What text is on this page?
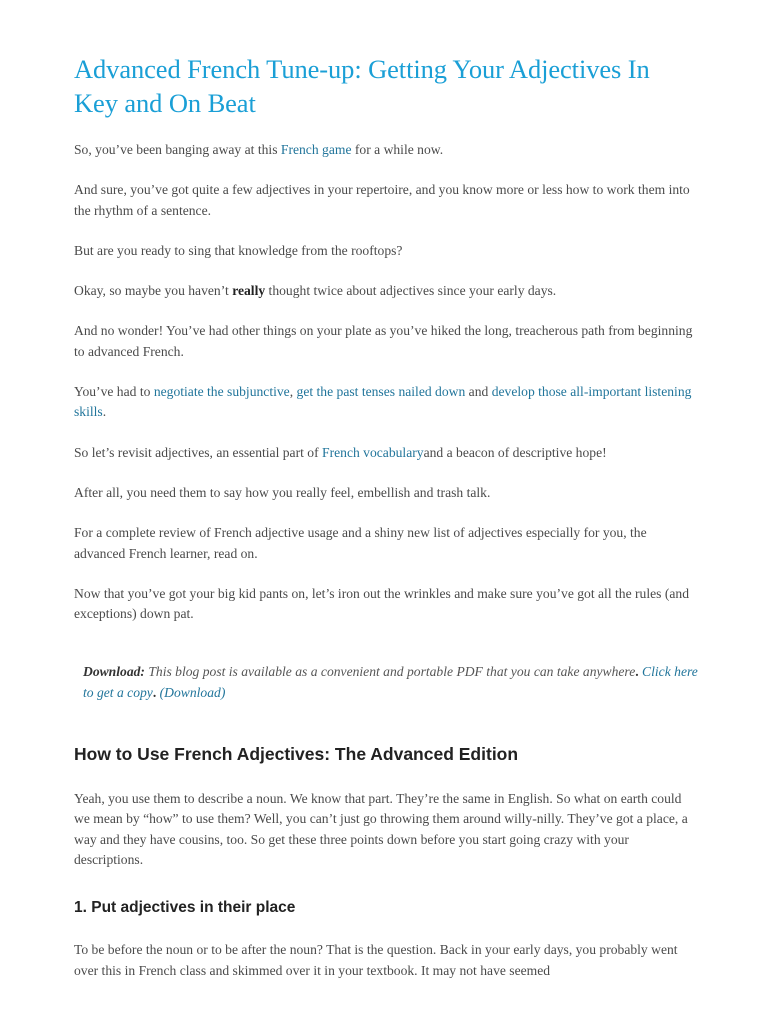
Advanced French Tune-up: Getting Your Adjectives In Key and On Beat

So, you’ve been banging away at this French game for a while now.

And sure, you’ve got quite a few adjectives in your repertoire, and you know more or less how to work them into the rhythm of a sentence.

But are you ready to sing that knowledge from the rooftops?

Okay, so maybe you haven’t really thought twice about adjectives since your early days.

And no wonder! You’ve had other things on your plate as you’ve hiked the long, treacherous path from beginning to advanced French.

You’ve had to negotiate the subjunctive, get the past tenses nailed down and develop those all-important listening skills.

So let’s revisit adjectives, an essential part of French vocabularyand a beacon of descriptive hope!

After all, you need them to say how you really feel, embellish and trash talk.

For a complete review of French adjective usage and a shiny new list of adjectives especially for you, the advanced French learner, read on.

Now that you’ve got your big kid pants on, let’s iron out the wrinkles and make sure you’ve got all the rules (and exceptions) down pat.

Download: This blog post is available as a convenient and portable PDF that you can take anywhere. Click here to get a copy. (Download)
How to Use French Adjectives: The Advanced Edition

Yeah, you use them to describe a noun. We know that part. They’re the same in English. So what on earth could we mean by “how” to use them? Well, you can’t just go throwing them around willy-nilly. They’ve got a place, a way and they have cousins, too. So get these three points down before you start going crazy with your descriptions.

1. Put adjectives in their place

To be before the noun or to be after the noun? That is the question. Back in your early days, you probably went over this in French class and skimmed over it in your textbook. It may not have seemed
